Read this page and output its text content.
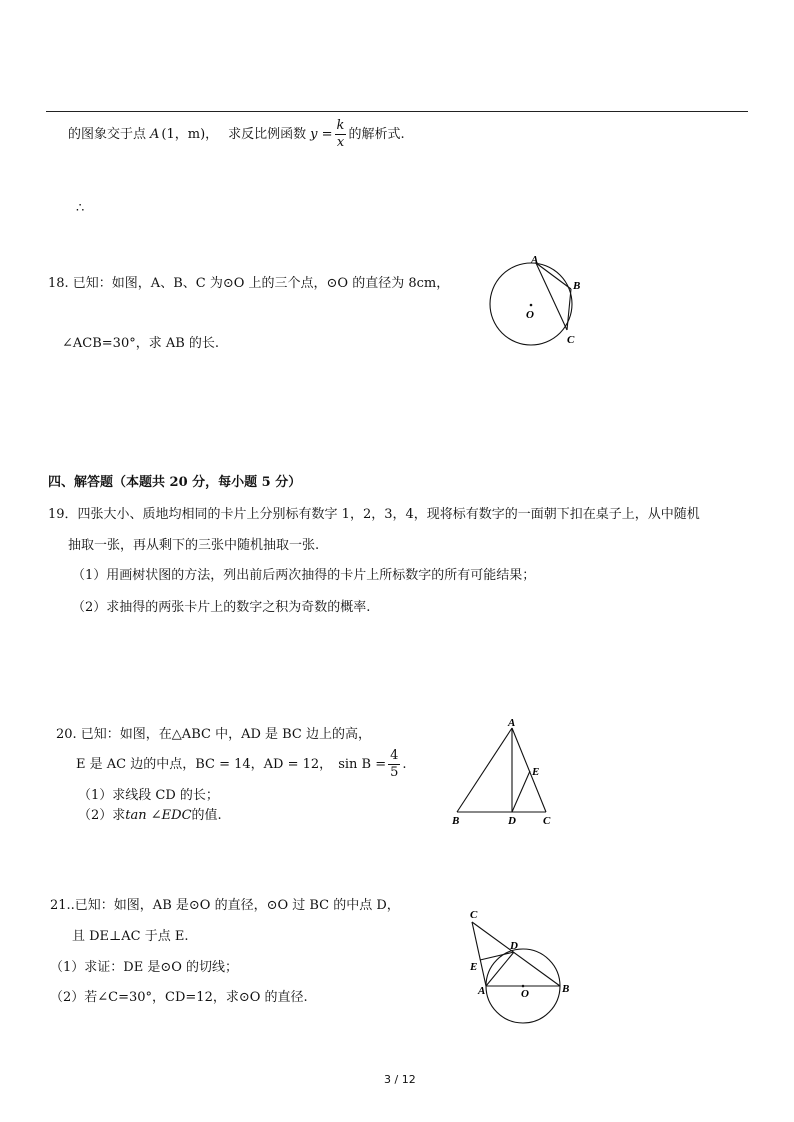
的图象交于点 A (1，m)， 求反比例函数 $y = \frac{k}{x}$ 的解析式.
∴
18. 已知：如图，A、B、C 为⊙O 上的三个点，⊙O 的直径为 8cm，
∠ACB=30°，求 AB 的长.
A
B
C
O
四、解答题（本题共 20 分，每小题 5 分）
19．四张大小、质地均相同的卡片上分别标有数字 1，2，3，4，现将标有数字的一面朝下扣在桌子上，从中随机
抽取一张，再从剩下的三张中随机抽取一张.
（1）用画树状图的方法，列出前后两次抽得的卡片上所标数字的所有可能结果；
（2）求抽得的两张卡片上的数字之积为奇数的概率.
20. 已知：如图，在△ABC 中，AD 是 BC 边上的高，
E 是 AC 边的中点，BC = 14，AD = 12， $\sin B = \frac{4}{5}$ .
（1）求线段 CD 的长；
（2）求tan ∠EDC的值.
A
B	C
D
E
21..已知：如图，AB 是⊙O 的直径，⊙O 过 BC 的中点 D，
且 DE⊥AC 于点 E.
（1）求证：DE 是⊙O 的切线；
（2）若∠C=30°，CD=12，求⊙O 的直径.
C
D
E
A	B
O
3 / 12
